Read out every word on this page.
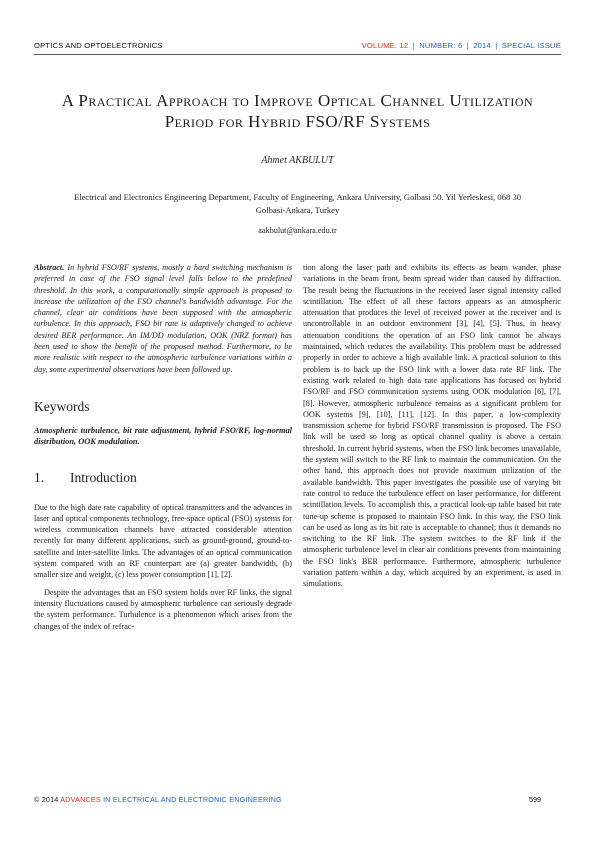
OPTICS AND OPTOELECTRONICS	VOLUME: 12 | NUMBER: 6 | 2014 | SPECIAL ISSUE
A Practical Approach to Improve Optical Channel Utilization Period for Hybrid FSO/RF Systems
Ahmet AKBULUT
Electrical and Electronics Engineering Department, Faculty of Engineering, Ankara University, Golbasi 50. Yil Yerleskesi, 068 30 Golbasi-Ankara, Turkey
aakbulut@ankara.edu.tr

Abstract. In hybrid FSO/RF systems, mostly a hard switching mechanism is preferred in case of the FSO signal level falls below to the predefined threshold. In this work, a computationally simple approach is proposed to increase the utilization of the FSO channel's bandwidth advantage. For the channel, clear air conditions have been supposed with the atmospheric turbulence. In this approach, FSO bit rate is adaptively changed to achieve desired BER performance. An IM/DD modulation, OOK (NRZ format) has been used to show the benefit of the proposed method. Furthermore, to be more realistic with respect to the atmospheric turbulence variations within a day, some experimental observations have been followed up.

Keywords

Atmospheric turbulence, bit rate adjustment, hybrid FSO/RF, log-normal distribution, OOK modulation.

1. Introduction

Due to the high date rate capability of optical transmitters and the advances in laser and optical components technology, free-space optical (FSO) systems for wireless communication channels have attracted considerable attention recently for many different applications, such as ground-ground, ground-to-satellite and inter-satellite links. The advantages of an optical communication system compared with an RF counterpart are (a) greater bandwidth, (b) smaller size and weight, (c) less power consumption [1], [2].

Despite the advantages that an FSO system holds over RF links, the signal intensity fluctuations caused by atmospheric turbulence can seriously degrade the system performance. Turbulence is a phenomenon which arises from the changes of the index of refrac-

tion along the laser path and exhibits its effects as beam wander, phase variations in the beam front, beam spread wider than caused by diffraction. The result being the fluctuations in the received laser signal intensity called scintillation. The effect of all these factors appears as an atmospheric attenuation that produces the level of received power at the receiver and is uncontrollable in an outdoor environment [3], [4], [5]. Thus, in heavy attenuation conditions the operation of an FSO link cannot be always maintained, which reduces the availability. This problem must be addressed properly in order to achieve a high available link. A practical solution to this problem is to back up the FSO link with a lower data rate RF link. The existing work related to high data rate applications has focused on hybrid FSO/RF and FSO communication systems using OOK modulation [6], [7], [8]. However, atmospheric turbulence remains as a significant problem for OOK systems [9], [10], [11], [12]. In this paper, a low-complexity transmission scheme for hybrid FSO/RF transmission is proposed. The FSO link will be used so long as optical channel quality is above a certain threshold. In current hybrid systems, when the FSO link becomes unavailable, the system will switch to the RF link to maintain the communication. On the other hand, this approach does not provide maximum utilization of the available bandwidth. This paper investigates the possible use of varying bit rate control to reduce the turbulence effect on laser performance, for different scintillation levels. To accomplish this, a practical look-up table based bit rate tune-up scheme is proposed to maintain FSO link. In this way, the FSO link can be used as long as its bit rate is acceptable to channel; thus it demands no switching to the RF link. The system switches to the RF link if the atmospheric turbulence level in clear air conditions prevents from maintaining the FSO link's BER performance. Furthermore, atmospheric turbulence variation pattern within a day, which acquired by an experiment, is used in simulations.

© 2014 ADVANCES IN ELECTRICAL AND ELECTRONIC ENGINEERING	599
